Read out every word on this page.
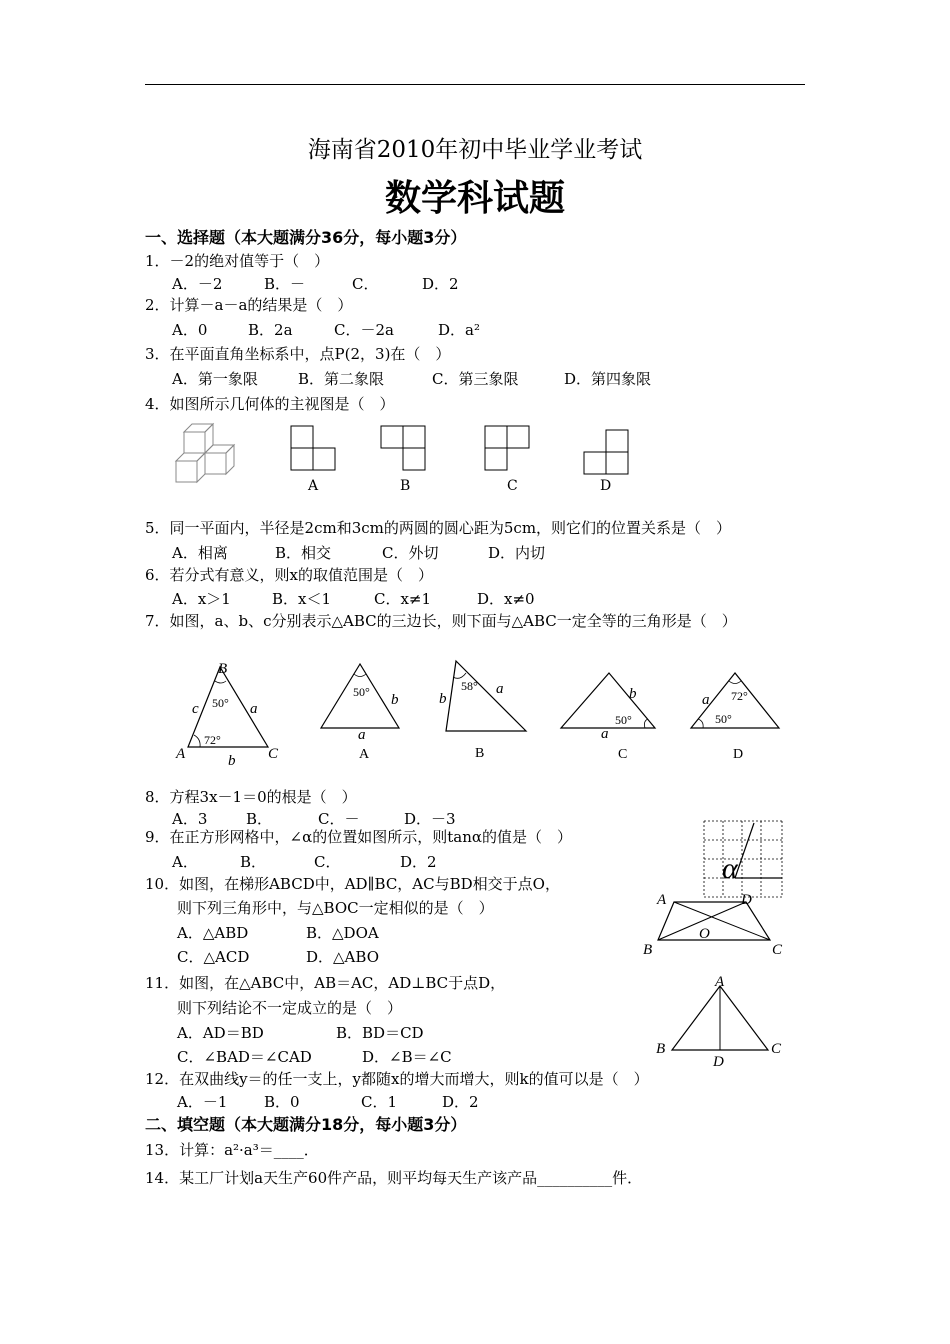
海南省2010年初中毕业学业考试
数学科试题
一、选择题（本大题满分36分，每小题3分）
1．－2的绝对值等于（　）
A．－2	B．－	C．	D．2
2．计算－a－a的结果是（　）
A．0	B．2a	C．－2a	D．a²
3．在平面直角坐标系中，点P(2，3)在（　）
A．第一象限	B．第二象限	C．第三象限	D．第四象限
4．如图所示几何体的主视图是（　）
A	B	C	D
5．同一平面内，半径是2cm和3cm的两圆的圆心距为5cm，则它们的位置关系是（　）
A．相离	B．相交	C．外切	D．内切
6．若分式有意义，则x的取值范围是（　）
A．x＞1	B．x＜1	C．x≠1	D．x≠0
7．如图，a、b、c分别表示△ABC的三边长，则下面与△ABC一定全等的三角形是（　）
B
A	C
a
b
c 50°
72°
50° b
a
A
58° a
b
B
b
50°
a
C
72°
50°
a
D
8．方程3x－1＝0的根是（　）
A．3	B．	C．－	D．－3
9．在正方形网格中，∠α的位置如图所示，则tanα的值是（　）
A．	B．	C．	D．2	α
10．如图，在梯形ABCD中，AD∥BC，AC与BD相交于点O，
则下列三角形中，与△BOC一定相似的是（　）
A．△ABD	B．△DOA
C．△ACD	D．△ABO
A	D
B	C
O
11．如图，在△ABC中，AB＝AC，AD⊥BC于点D，
则下列结论不一定成立的是（　）
A．AD＝BD	B．BD＝CD
C．∠BAD＝∠CAD	D．∠B＝∠C
A
B	C
D
12．在双曲线y＝的任一支上，y都随x的增大而增大，则k的值可以是（　）
A．－1 B．0	C．1	D．2
二、填空题（本大题满分18分，每小题3分）
13．计算：a²·a³＝____．
14．某工厂计划a天生产60件产品，则平均每天生产该产品__________件．
